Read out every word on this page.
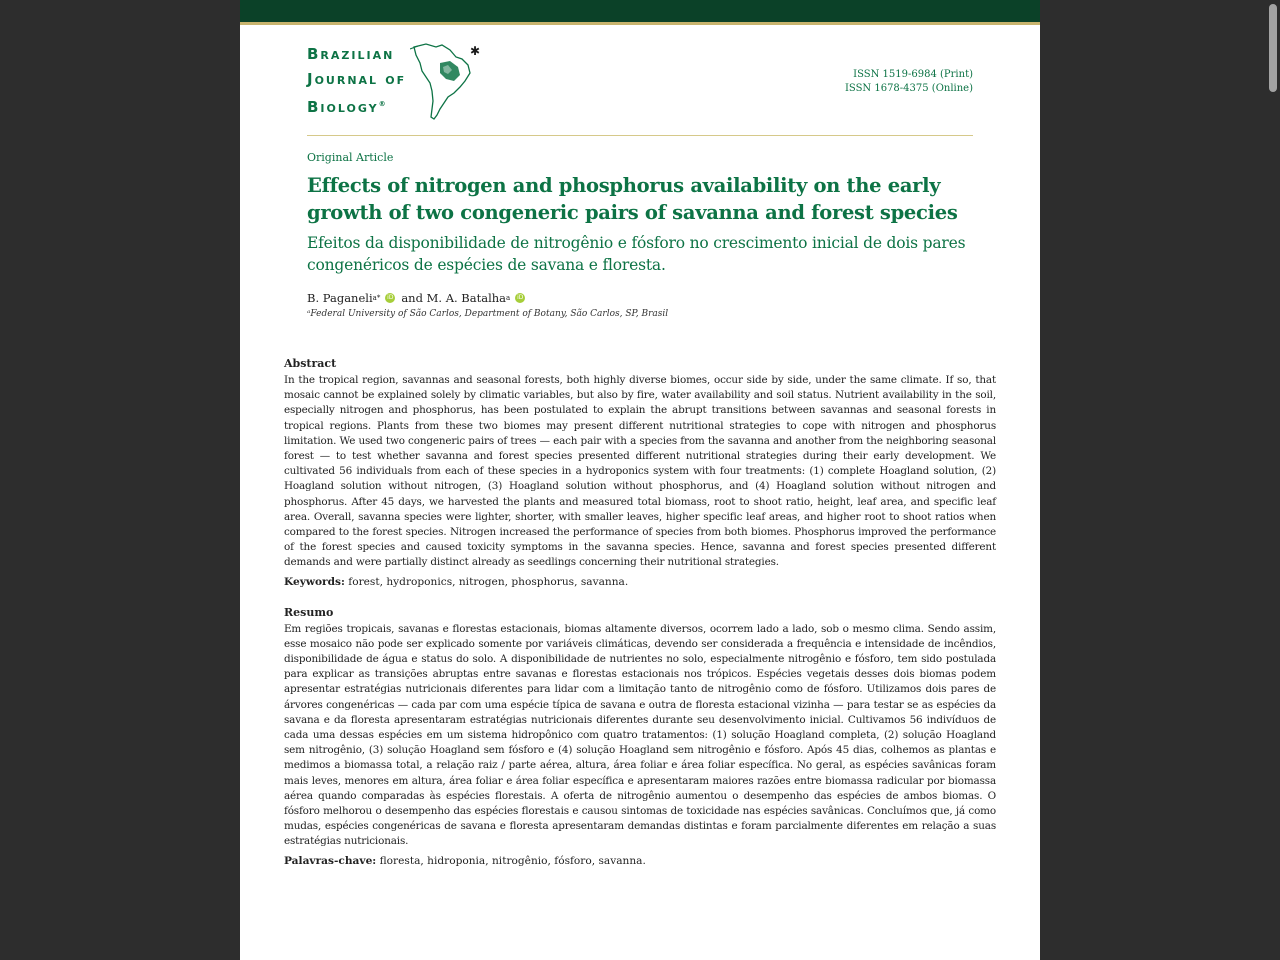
Brazilian
Journal of
Biology®
✱
ISSN 1519-6984 (Print)
ISSN 1678-4375 (Online)
Original Article
Effects of nitrogen and phosphorus availability on the early growth of two congeneric pairs of savanna and forest species
Efeitos da disponibilidade de nitrogênio e fósforo no crescimento inicial de dois pares congenéricos de espécies de savana e floresta.
B. Paganeli a*	iD and M. A. Batalha a	iD
ᵃFederal University of São Carlos, Department of Botany, São Carlos, SP, Brasil
Abstract
In the tropical region, savannas and seasonal forests, both highly diverse biomes, occur side by side, under the same climate. If so, that mosaic cannot be explained solely by climatic variables, but also by fire, water availability and soil status. Nutrient availability in the soil, especially nitrogen and phosphorus, has been postulated to explain the abrupt transitions between savannas and seasonal forests in tropical regions. Plants from these two biomes may present different nutritional strategies to cope with nitrogen and phosphorus limitation. We used two congeneric pairs of trees — each pair with a species from the savanna and another from the neighboring seasonal forest — to test whether savanna and forest species presented different nutritional strategies during their early development. We cultivated 56 individuals from each of these species in a hydroponics system with four treatments: (1) complete Hoagland solution, (2) Hoagland solution without nitrogen, (3) Hoagland solution without phosphorus, and (4) Hoagland solution without nitrogen and phosphorus. After 45 days, we harvested the plants and measured total biomass, root to shoot ratio, height, leaf area, and specific leaf area. Overall, savanna species were lighter, shorter, with smaller leaves, higher specific leaf areas, and higher root to shoot ratios when compared to the forest species. Nitrogen increased the performance of species from both biomes. Phosphorus improved the performance of the forest species and caused toxicity symptoms in the savanna species. Hence, savanna and forest species presented different demands and were partially distinct already as seedlings concerning their nutritional strategies.
Keywords: forest, hydroponics, nitrogen, phosphorus, savanna.
Resumo
Em regiões tropicais, savanas e florestas estacionais, biomas altamente diversos, ocorrem lado a lado, sob o mesmo clima. Sendo assim, esse mosaico não pode ser explicado somente por variáveis climáticas, devendo ser considerada a frequência e intensidade de incêndios, disponibilidade de água e status do solo. A disponibilidade de nutrientes no solo, especialmente nitrogênio e fósforo, tem sido postulada para explicar as transições abruptas entre savanas e florestas estacionais nos trópicos. Espécies vegetais desses dois biomas podem apresentar estratégias nutricionais diferentes para lidar com a limitação tanto de nitrogênio como de fósforo. Utilizamos dois pares de árvores congenéricas — cada par com uma espécie típica de savana e outra de floresta estacional vizinha — para testar se as espécies da savana e da floresta apresentaram estratégias nutricionais diferentes durante seu desenvolvimento inicial. Cultivamos 56 indivíduos de cada uma dessas espécies em um sistema hidropônico com quatro tratamentos: (1) solução Hoagland completa, (2) solução Hoagland sem nitrogênio, (3) solução Hoagland sem fósforo e (4) solução Hoagland sem nitrogênio e fósforo. Após 45 dias, colhemos as plantas e medimos a biomassa total, a relação raiz / parte aérea, altura, área foliar e área foliar específica. No geral, as espécies savânicas foram mais leves, menores em altura, área foliar e área foliar específica e apresentaram maiores razões entre biomassa radicular por biomassa aérea quando comparadas às espécies florestais. A oferta de nitrogênio aumentou o desempenho das espécies de ambos biomas. O fósforo melhorou o desempenho das espécies florestais e causou sintomas de toxicidade nas espécies savânicas. Concluímos que, já como mudas, espécies congenéricas de savana e floresta apresentaram demandas distintas e foram parcialmente diferentes em relação a suas estratégias nutricionais.
Palavras-chave: floresta, hidroponia, nitrogênio, fósforo, savanna.
